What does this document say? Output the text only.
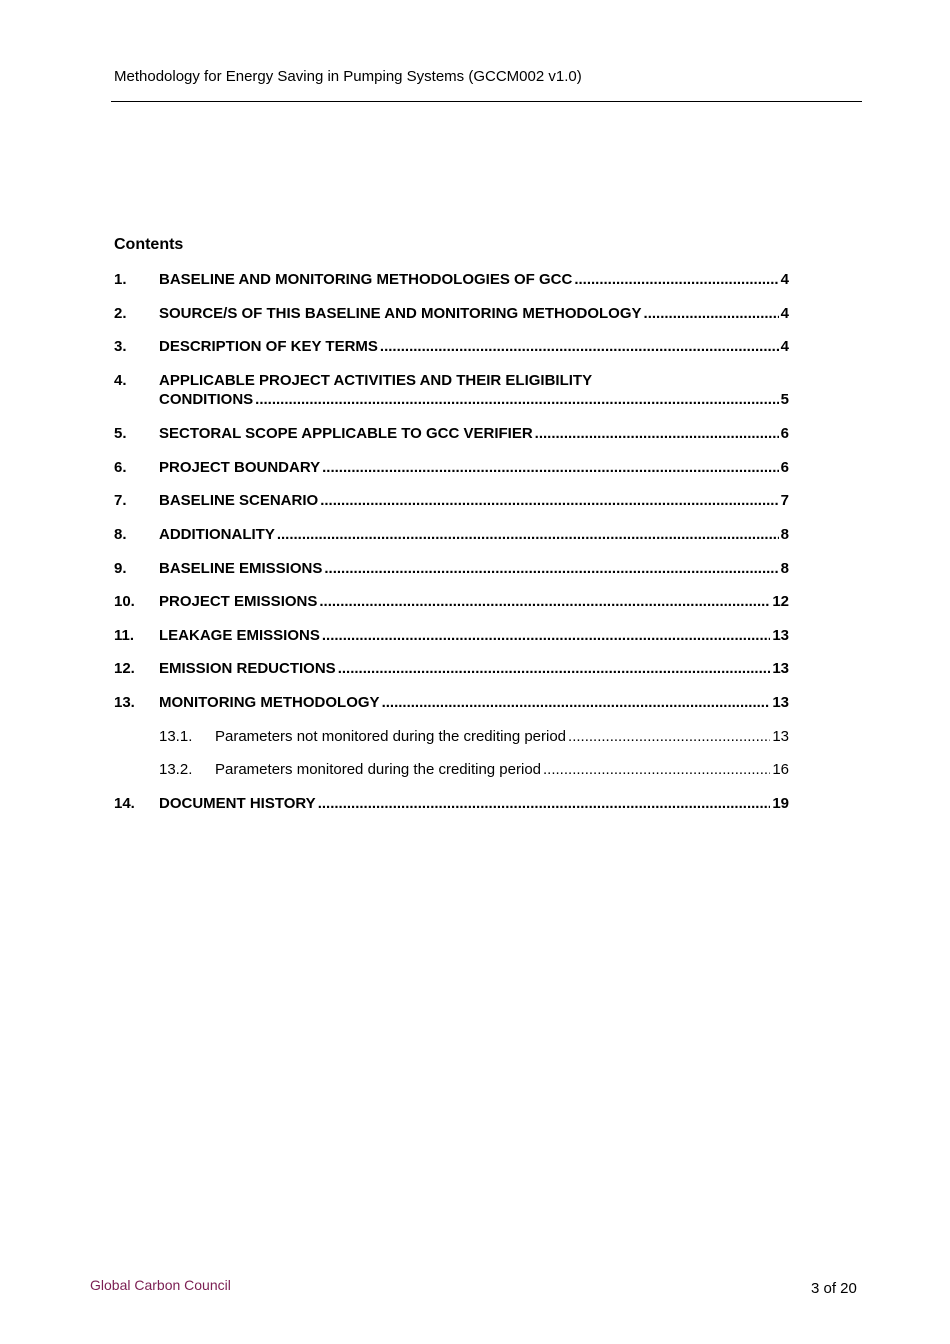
Methodology for Energy Saving in Pumping Systems (GCCM002 v1.0)
Contents
1. BASELINE AND MONITORING METHODOLOGIES OF GCC .....	4
2. SOURCE/S OF THIS BASELINE AND MONITORING METHODOLOGY .....	4
3. DESCRIPTION OF KEY TERMS .....	4
4. APPLICABLE PROJECT ACTIVITIES AND THEIR ELIGIBILITY
CONDITIONS .....	5
5. SECTORAL SCOPE APPLICABLE TO GCC VERIFIER .....	6
6. PROJECT BOUNDARY .....	6
7. BASELINE SCENARIO .....	7
8. ADDITIONALITY .....	8
9. BASELINE EMISSIONS .....	8
10. PROJECT EMISSIONS .....	12
11. LEAKAGE EMISSIONS .....	13
12. EMISSION REDUCTIONS .....	13
13. MONITORING METHODOLOGY .....	13
13.1. Parameters not monitored during the crediting period .....	13
13.2. Parameters monitored during the crediting period .....	16
14. DOCUMENT HISTORY .....	19
Global Carbon Council	3 of 20
